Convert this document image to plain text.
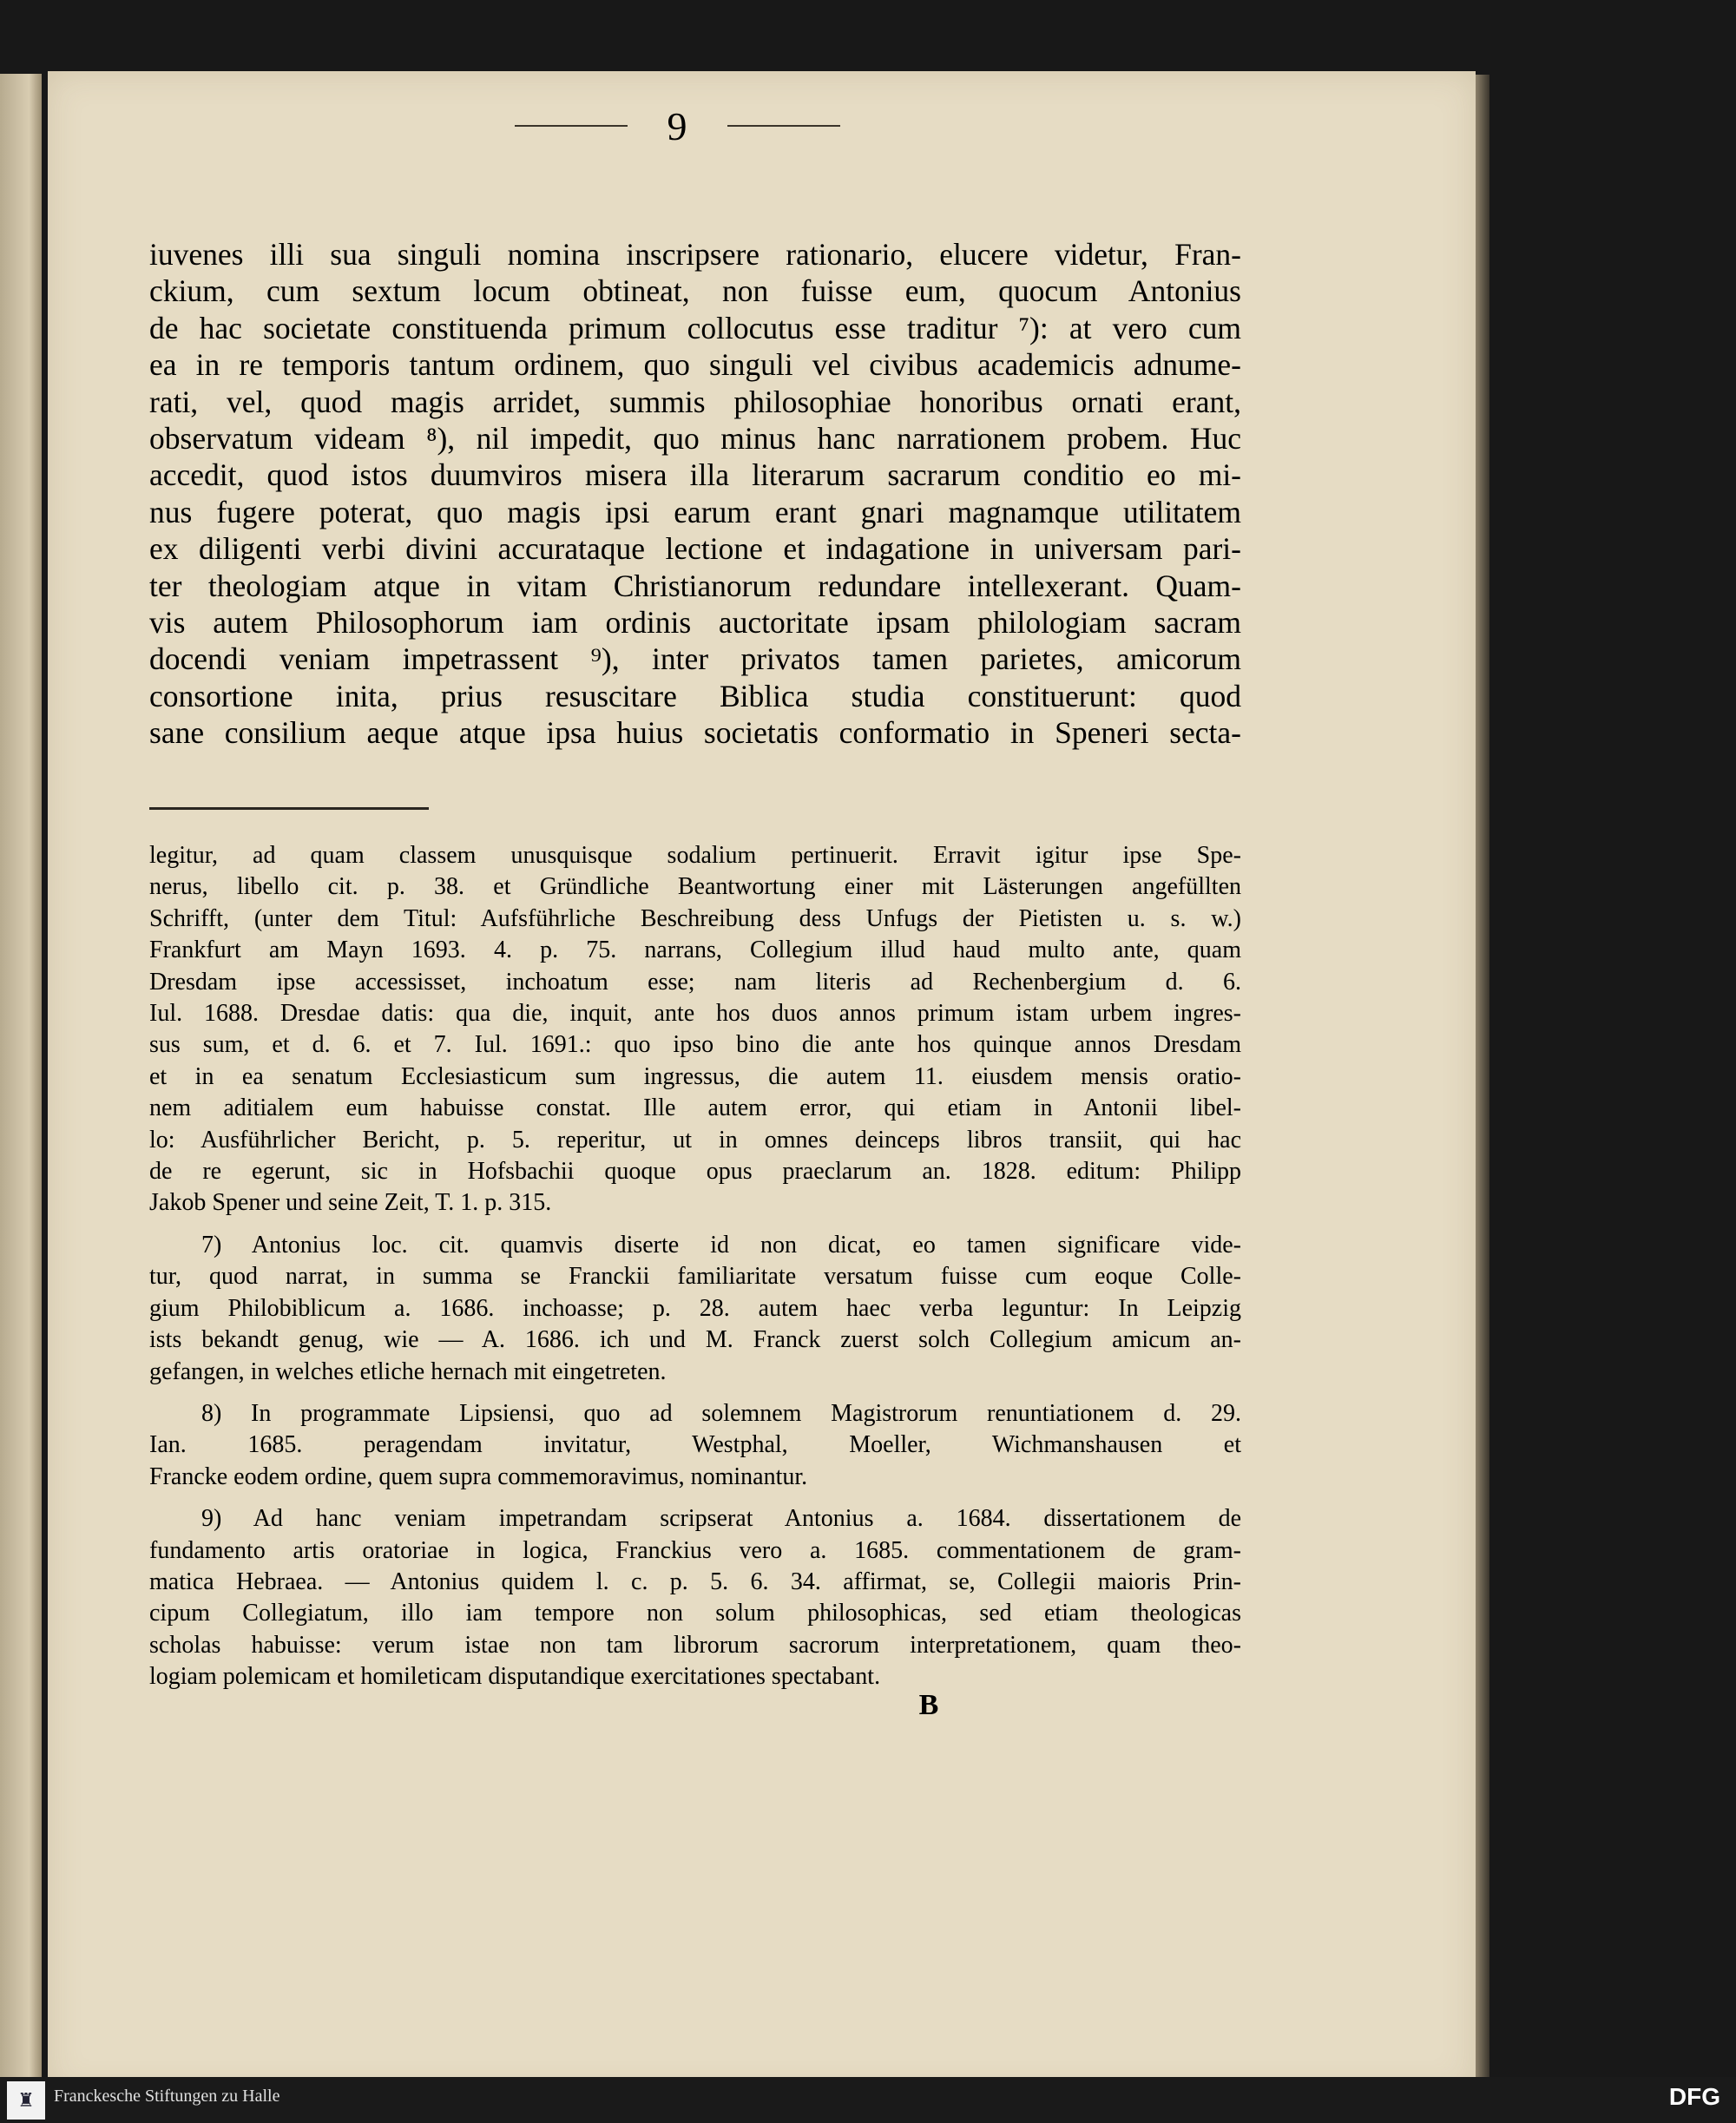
9
iuvenes illi sua singuli nomina inscripsere rationario, elucere videtur, Fran-
ckium, cum sextum locum obtineat, non fuisse eum, quocum Antonius
de hac societate constituenda primum collocutus esse traditur ⁷): at vero cum
ea in re temporis tantum ordinem, quo singuli vel civibus academicis adnume-
rati, vel, quod magis arridet, summis philosophiae honoribus ornati erant,
observatum videam ⁸), nil impedit, quo minus hanc narrationem probem. Huc
accedit, quod istos duumviros misera illa literarum sacrarum conditio eo mi-
nus fugere poterat, quo magis ipsi earum erant gnari magnamque utilitatem
ex diligenti verbi divini accurataque lectione et indagatione in universam pari-
ter theologiam atque in vitam Christianorum redundare intellexerant. Quam-
vis autem Philosophorum iam ordinis auctoritate ipsam philologiam sacram
docendi veniam impetrassent ⁹), inter privatos tamen parietes, amicorum
consortione inita, prius resuscitare Biblica studia constituerunt: quod
sane consilium aeque atque ipsa huius societatis conformatio in Speneri secta-
legitur, ad quam classem unusquisque sodalium pertinuerit. Erravit igitur ipse Spe-
nerus, libello cit. p. 38. et Gründliche Beantwortung einer mit Lästerungen angefüllten
Schrifft, (unter dem Titul: Aufsführliche Beschreibung dess Unfugs der Pietisten u. s. w.)
Frankfurt am Mayn 1693. 4. p. 75. narrans, Collegium illud haud multo ante, quam
Dresdam ipse accessisset, inchoatum esse; nam literis ad Rechenbergium d. 6.
Iul. 1688. Dresdae datis: qua die, inquit, ante hos duos annos primum istam urbem ingres-
sus sum, et d. 6. et 7. Iul. 1691.: quo ipso bino die ante hos quinque annos Dresdam
et in ea senatum Ecclesiasticum sum ingressus, die autem 11. eiusdem mensis oratio-
nem aditialem eum habuisse constat. Ille autem error, qui etiam in Antonii libel-
lo: Ausführlicher Bericht, p. 5. reperitur, ut in omnes deinceps libros transiit, qui hac
de re egerunt, sic in Hofsbachii quoque opus praeclarum an. 1828. editum: Philipp
Jakob Spener und seine Zeit, T. 1. p. 315.
7) Antonius loc. cit. quamvis diserte id non dicat, eo tamen significare vide-
tur, quod narrat, in summa se Franckii familiaritate versatum fuisse cum eoque Colle-
gium Philobiblicum a. 1686. inchoasse; p. 28. autem haec verba leguntur: In Leipzig
ists bekandt genug, wie — A. 1686. ich und M. Franck zuerst solch Collegium amicum an-
gefangen, in welches etliche hernach mit eingetreten.
8) In programmate Lipsiensi, quo ad solemnem Magistrorum renuntiationem d. 29.
Ian. 1685. peragendam invitatur, Westphal, Moeller, Wichmanshausen et
Francke eodem ordine, quem supra commemoravimus, nominantur.
9) Ad hanc veniam impetrandam scripserat Antonius a. 1684. dissertationem de
fundamento artis oratoriae in logica, Franckius vero a. 1685. commentationem de gram-
matica Hebraea. — Antonius quidem l. c. p. 5. 6. 34. affirmat, se, Collegii maioris Prin-
cipum Collegiatum, illo iam tempore non solum philosophicas, sed etiam theologicas
scholas habuisse: verum istae non tam librorum sacrorum interpretationem, quam theo-
logiam polemicam et homileticam disputandique exercitationes spectabant.
B
♜	Franckesche Stiftungen zu Halle	DFG
